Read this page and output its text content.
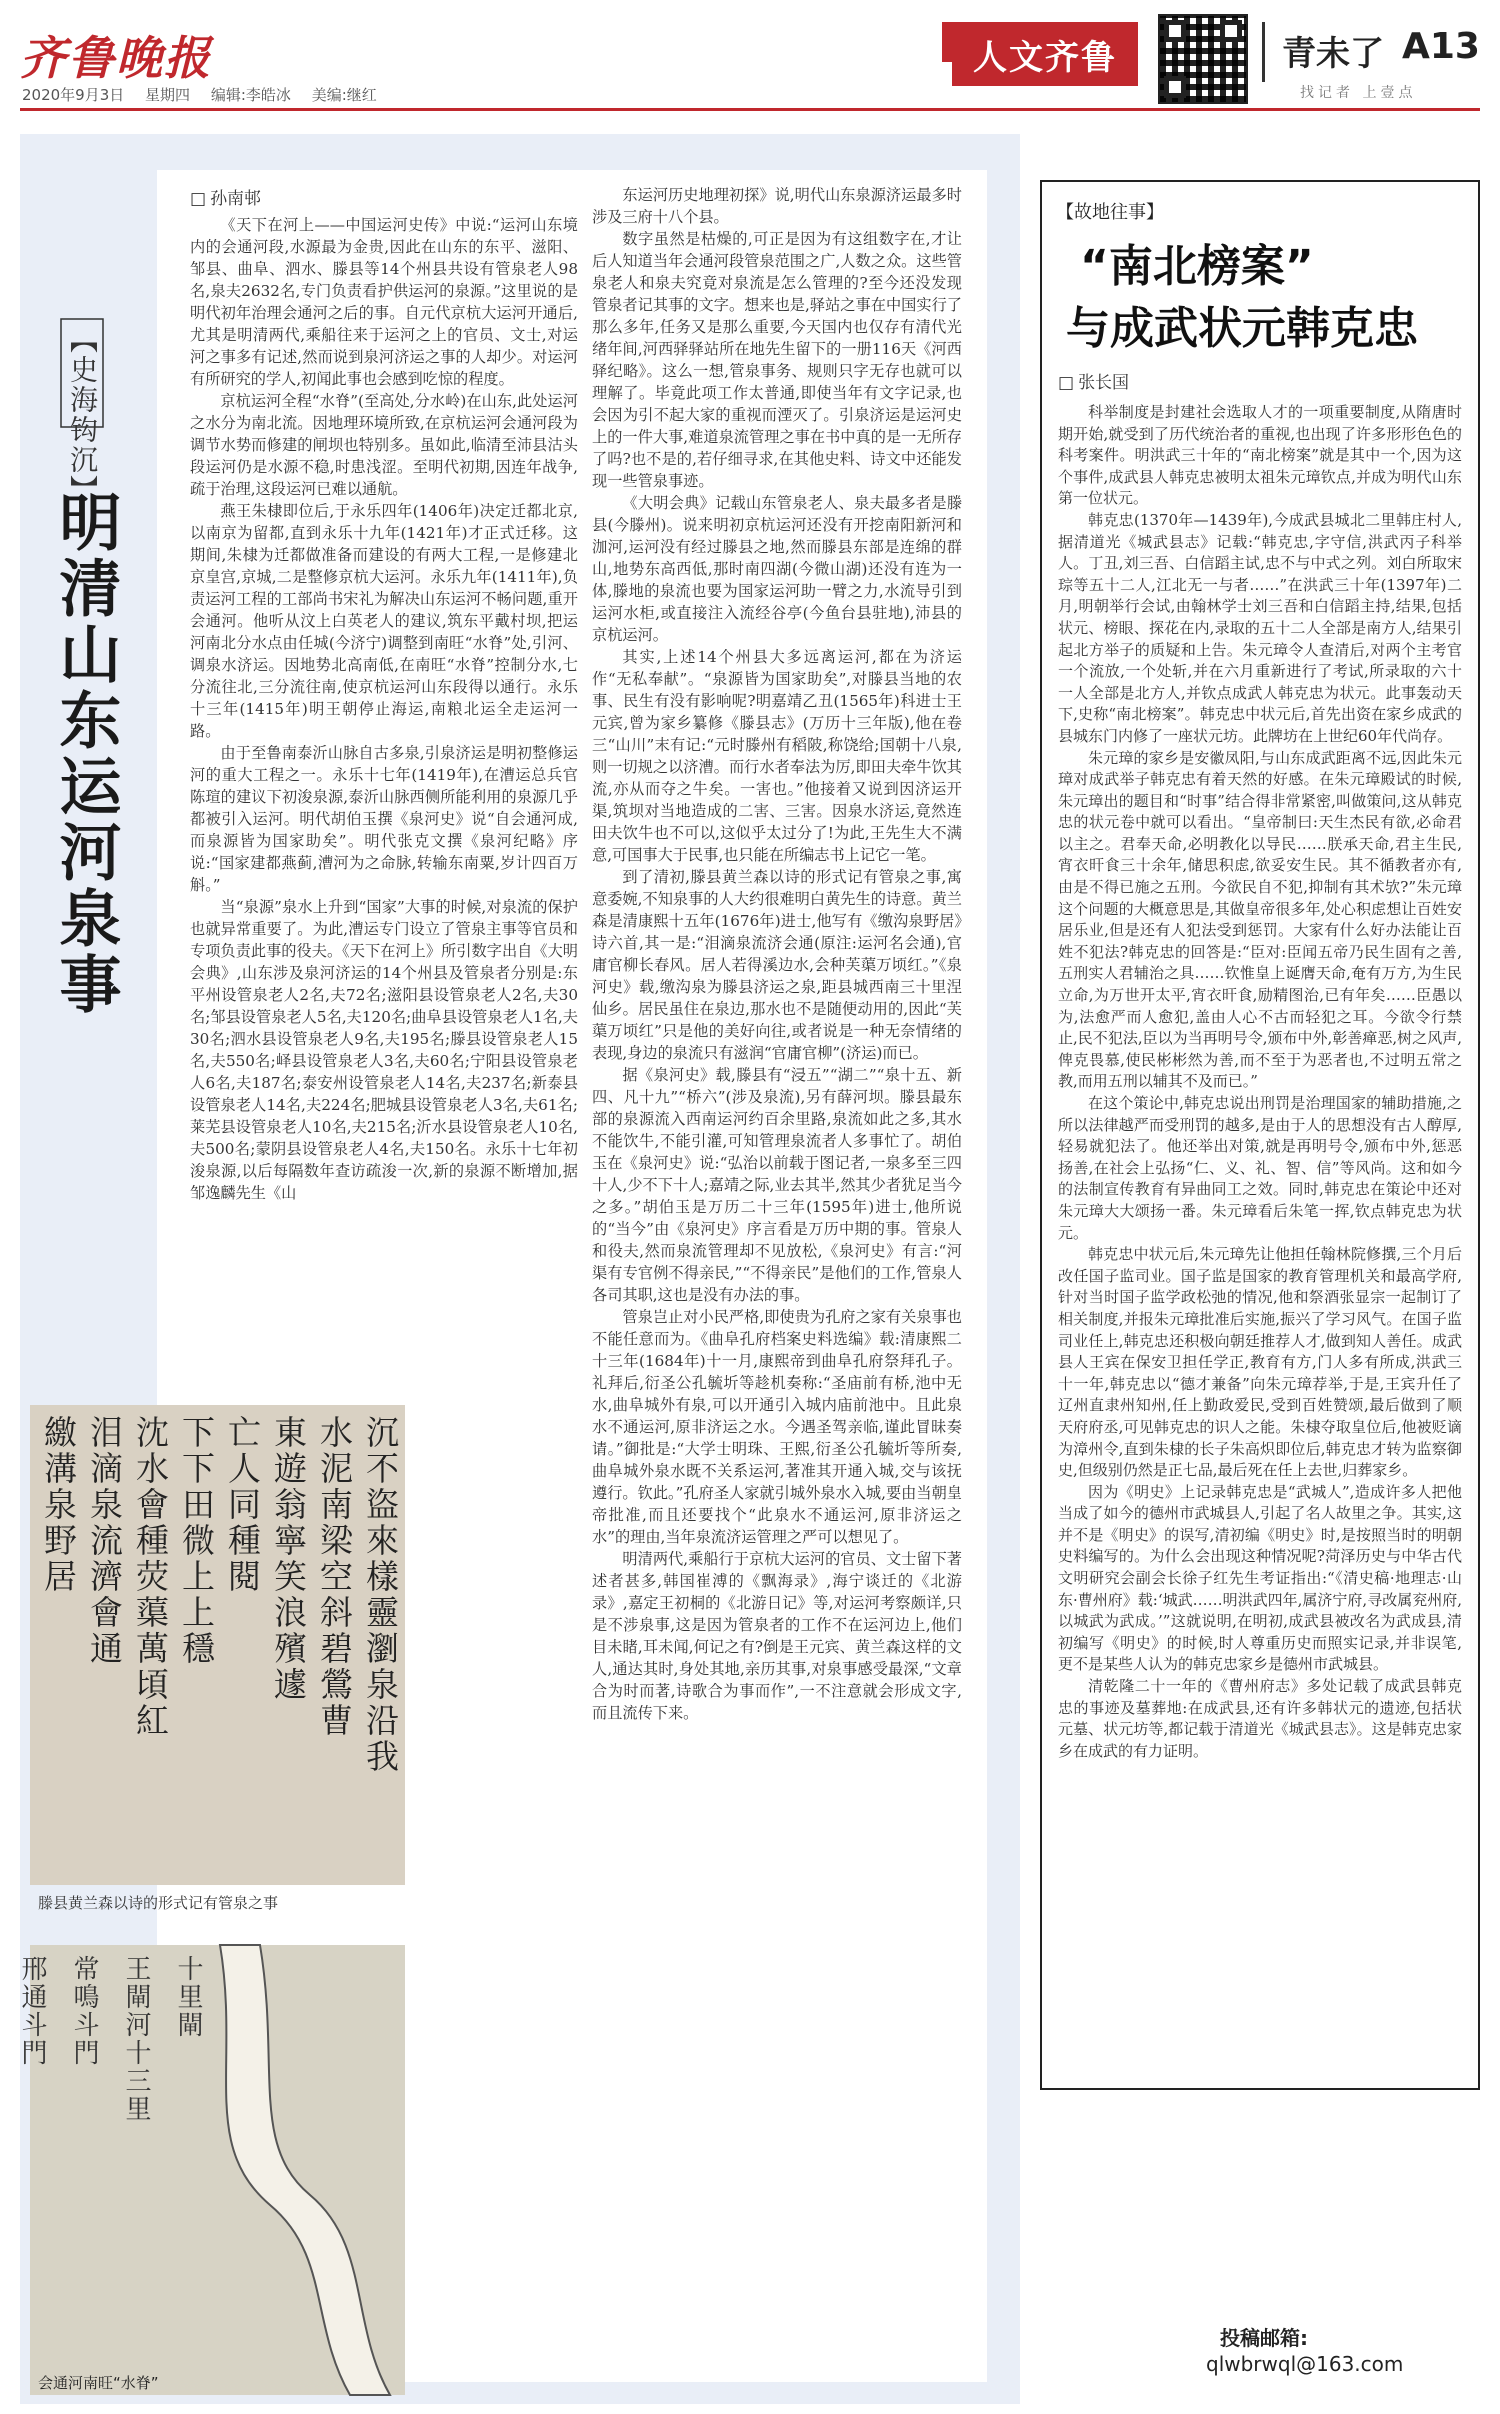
齐鲁晚报
2020年9月3日 星期四 编辑:李皓冰 美编:继红
人文齐鲁	青未了 A13
找记者 上壹点
【史海钩沉】
明清山东运河泉事
□ 孙南邨

《天下在河上——中国运河史传》中说:“运河山东境内的会通河段,水源最为金贵,因此在山东的东平、滋阳、邹县、曲阜、泗水、滕县等14个州县共设有管泉老人98名,泉夫2632名,专门负责看护供运河的泉源。”这里说的是明代初年治理会通河之后的事。自元代京杭大运河开通后,尤其是明清两代,乘船往来于运河之上的官员、文士,对运河之事多有记述,然而说到泉河济运之事的人却少。对运河有所研究的学人,初闻此事也会感到吃惊的程度。

京杭运河全程“水脊”(至高处,分水岭)在山东,此处运河之水分为南北流。因地理环境所致,在京杭运河会通河段为调节水势而修建的闸坝也特别多。虽如此,临清至沛县沽头段运河仍是水源不稳,时患浅涩。至明代初期,因连年战争,疏于治理,这段运河已难以通航。

燕王朱棣即位后,于永乐四年(1406年)决定迁都北京,以南京为留都,直到永乐十九年(1421年)才正式迁移。这期间,朱棣为迁都做准备而建设的有两大工程,一是修建北京皇宫,京城,二是整修京杭大运河。永乐九年(1411年),负责运河工程的工部尚书宋礼为解决山东运河不畅问题,重开会通河。他听从汶上白英老人的建议,筑东平戴村坝,把运河南北分水点由任城(今济宁)调整到南旺“水脊”处,引河、调泉水济运。因地势北高南低,在南旺“水脊”控制分水,七分流往北,三分流往南,使京杭运河山东段得以通行。永乐十三年(1415年)明王朝停止海运,南粮北运全走运河一路。

由于至鲁南泰沂山脉自古多泉,引泉济运是明初整修运河的重大工程之一。永乐十七年(1419年),在漕运总兵官陈瑄的建议下初浚泉源,泰沂山脉西侧所能利用的泉源几乎都被引入运河。明代胡伯玉撰《泉河史》说“自会通河成,而泉源皆为国家助矣”。明代张克文撰《泉河纪略》序说:“国家建都燕蓟,漕河为之命脉,转输东南粟,岁计四百万斛。”

当“泉源”泉水上升到“国家”大事的时候,对泉流的保护也就异常重要了。为此,漕运专门设立了管泉主事等官员和专项负责此事的役夫。《天下在河上》所引数字出自《大明会典》,山东涉及泉河济运的14个州县及管泉者分别是:东平州设管泉老人2名,夫72名;滋阳县设管泉老人2名,夫30名;邹县设管泉老人5名,夫120名;曲阜县设管泉老人1名,夫30名;泗水县设管泉老人9名,夫195名;滕县设管泉老人15名,夫550名;峄县设管泉老人3名,夫60名;宁阳县设管泉老人6名,夫187名;泰安州设管泉老人14名,夫237名;新泰县设管泉老人14名,夫224名;肥城县设管泉老人3名,夫61名;莱芜县设管泉老人10名,夫215名;沂水县设管泉老人10名,夫500名;蒙阴县设管泉老人4名,夫150名。永乐十七年初浚泉源,以后每隔数年查访疏浚一次,新的泉源不断增加,据邹逸麟先生《山

东运河历史地理初探》说,明代山东泉源济运最多时涉及三府十八个县。

数字虽然是枯燥的,可正是因为有这组数字在,才让后人知道当年会通河段管泉范围之广,人数之众。这些管泉老人和泉夫究竟对泉流是怎么管理的?至今还没发现管泉者记其事的文字。想来也是,驿站之事在中国实行了那么多年,任务又是那么重要,今天国内也仅存有清代光绪年间,河西驿驿站所在地先生留下的一册116天《河西驿纪略》。这么一想,管泉事务、规则只字无存也就可以理解了。毕竟此项工作太普通,即使当年有文字记录,也会因为引不起大家的重视而湮灭了。引泉济运是运河史上的一件大事,难道泉流管理之事在书中真的是一无所存了吗?也不是的,若仔细寻求,在其他史料、诗文中还能发现一些管泉事迹。

《大明会典》记载山东管泉老人、泉夫最多者是滕县(今滕州)。说来明初京杭运河还没有开挖南阳新河和泇河,运河没有经过滕县之地,然而滕县东部是连绵的群山,地势东高西低,那时南四湖(今微山湖)还没有连为一体,滕地的泉流也要为国家运河助一臂之力,水流导引到运河水柜,或直接注入流经谷亭(今鱼台县驻地),沛县的京杭运河。

其实,上述14个州县大多远离运河,都在为济运作“无私奉献”。“泉源皆为国家助矣”,对滕县当地的农事、民生有没有影响呢?明嘉靖乙丑(1565年)科进士王元宾,曾为家乡纂修《滕县志》(万历十三年版),他在卷三“山川”末有记:“元时滕州有稻陂,称饶给;国朝十八泉,则一切规之以济漕。而行水者奉法为厉,即田夫牵牛饮其流,亦从而夺之牛矣。一害也。”他接着又说到因济运开渠,筑坝对当地造成的二害、三害。因泉水济运,竟然连田夫饮牛也不可以,这似乎太过分了!为此,王先生大不满意,可国事大于民事,也只能在所编志书上记它一笔。

到了清初,滕县黄兰森以诗的形式记有管泉之事,寓意委婉,不知泉事的人大约很难明白黄先生的诗意。黄兰森是清康熙十五年(1676年)进士,他写有《缴沟泉野居》诗六首,其一是:“泪滴泉流济会通(原注:运河名会通),官庸官柳长春风。居人若得溪边水,会种芙蕖万顷红。”《泉河史》载,缴沟泉为滕县济运之泉,距县城西南三十里涅仙乡。居民虽住在泉边,那水也不是随便动用的,因此“芙蕖万顷红”只是他的美好向往,或者说是一种无奈情绪的表现,身边的泉流只有滋润“官庸官柳”(济运)而已。

据《泉河史》载,滕县有“浸五”“湖二”“泉十五、新四、凡十九”“桥六”(涉及泉流),另有薛河坝。滕县最东部的泉源流入西南运河约百余里路,泉流如此之多,其水不能饮牛,不能引灌,可知管理泉流者人多事忙了。胡伯玉在《泉河史》说:“弘治以前载于图记者,一泉多至三四十人,少不下十人;嘉靖之际,业去其半,然其少者犹足当今之多。”胡伯玉是万历二十三年(1595年)进士,他所说的“当今”由《泉河史》序言看是万历中期的事。管泉人和役夫,然而泉流管理却不见放松,《泉河史》有言:“河渠有专官例不得亲民,”“不得亲民”是他们的工作,管泉人各司其职,这也是没有办法的事。

管泉岂止对小民严格,即使贵为孔府之家有关泉事也不能任意而为。《曲阜孔府档案史料选编》载:清康熙二十三年(1684年)十一月,康熙帝到曲阜孔府祭拜孔子。礼拜后,衍圣公孔毓圻等趁机奏称:“圣庙前有桥,池中无水,曲阜城外有泉,可以开通引入城内庙前池中。且此泉水不通运河,原非济运之水。今遇圣驾亲临,谨此冒昧奏请。”御批是:“大学士明珠、王熙,衍圣公孔毓圻等所奏,曲阜城外泉水既不关系运河,著准其开通入城,交与该抚遵行。钦此。”孔府圣人家就引城外泉水入城,要由当朝皇帝批准,而且还要找个“此泉水不通运河,原非济运之水”的理由,当年泉流济运管理之严可以想见了。

明清两代,乘船行于京杭大运河的官员、文士留下著述者甚多,韩国崔溥的《飘海录》,海宁谈迁的《北游录》,嘉定王初桐的《北游日记》等,对运河考察颇详,只是不涉泉事,这是因为管泉者的工作不在运河边上,他们目未睹,耳未闻,何记之有?倒是王元宾、黄兰森这样的文人,通达其时,身处其地,亲历其事,对泉事感受最深,“文章合为时而著,诗歌合为事而作”,一不注意就会形成文字,而且流传下来。

沉不盜來樣靈瀏泉沿我
水泥南梁空斜碧鶯曹
東遊翁寧笑浪殯遽
亡人同種閱
下下田微上上穩
沈水會種荧蕖萬頃紅
泪滴泉流濟會通
繳溝泉野居
滕县黄兰森以诗的形式记有管泉之事
十里閘
王閘河十三里
常鳴斗門
邢通斗門
会通河南旺“水脊”
【故地往事】
“南北榜案”
与成武状元韩克忠
□ 张长国

科举制度是封建社会选取人才的一项重要制度,从隋唐时期开始,就受到了历代统治者的重视,也出现了许多形形色色的科考案件。明洪武三十年的“南北榜案”就是其中一个,因为这个事件,成武县人韩克忠被明太祖朱元璋钦点,并成为明代山东第一位状元。

韩克忠(1370年—1439年),今成武县城北二里韩庄村人,据清道光《城武县志》记载:“韩克忠,字守信,洪武丙子科举人。丁丑,刘三吾、白信蹈主试,忠不与中式之列。刘白所取宋琮等五十二人,江北无一与者……”在洪武三十年(1397年)二月,明朝举行会试,由翰林学士刘三吾和白信蹈主持,结果,包括状元、榜眼、探花在内,录取的五十二人全部是南方人,结果引起北方举子的质疑和上告。朱元璋令人查清后,对两个主考官一个流放,一个处斩,并在六月重新进行了考试,所录取的六十一人全部是北方人,并钦点成武人韩克忠为状元。此事轰动天下,史称“南北榜案”。韩克忠中状元后,首先出资在家乡成武的县城东门内修了一座状元坊。此牌坊在上世纪60年代尚存。

朱元璋的家乡是安徽凤阳,与山东成武距离不远,因此朱元璋对成武举子韩克忠有着天然的好感。在朱元璋殿试的时候,朱元璋出的题目和“时事”结合得非常紧密,叫做策问,这从韩克忠的状元卷中就可以看出。“皇帝制曰:天生杰民有欲,必命君以主之。君奉天命,必明教化以导民……朕承天命,君主生民,宵衣旰食三十余年,储思积虑,欲妥安生民。其不循教者亦有,由是不得已施之五刑。今欲民自不犯,抑制有其术欤?”朱元璋这个问题的大概意思是,其做皇帝很多年,处心积虑想让百姓安居乐业,但是还有人犯法受到惩罚。大家有什么好办法能让百姓不犯法?韩克忠的回答是:“臣对:臣闻五帝乃民生固有之善,五刑实人君辅治之具……钦惟皇上诞膺天命,奄有万方,为生民立命,为万世开太平,宵衣旰食,励精图治,已有年矣……臣愚以为,法愈严而人愈犯,盖由人心不古而轻犯之耳。今欲令行禁止,民不犯法,臣以为当再明号令,颁布中外,彰善瘅恶,树之风声,俾克畏慕,使民彬彬然为善,而不至于为恶者也,不过明五常之教,而用五刑以辅其不及而已。”

在这个策论中,韩克忠说出刑罚是治理国家的辅助措施,之所以法律越严而受刑罚的越多,是由于人的思想没有古人醇厚,轻易就犯法了。他还举出对策,就是再明号令,颁布中外,惩恶扬善,在社会上弘扬“仁、义、礼、智、信”等风尚。这和如今的法制宣传教育有异曲同工之效。同时,韩克忠在策论中还对朱元璋大大颂扬一番。朱元璋看后朱笔一挥,钦点韩克忠为状元。

韩克忠中状元后,朱元璋先让他担任翰林院修撰,三个月后改任国子监司业。国子监是国家的教育管理机关和最高学府,针对当时国子监学政松弛的情况,他和祭酒张显宗一起制订了相关制度,并报朱元璋批准后实施,振兴了学习风气。在国子监司业任上,韩克忠还积极向朝廷推荐人才,做到知人善任。成武县人王宾在保安卫担任学正,教育有方,门人多有所成,洪武三十一年,韩克忠以“德才兼备”向朱元璋荐举,于是,王宾升任了辽州直隶州知州,任上勤政爱民,受到百姓赞颂,最后做到了顺天府府丞,可见韩克忠的识人之能。朱棣夺取皇位后,他被贬谪为漳州令,直到朱棣的长子朱高炽即位后,韩克忠才转为监察御史,但级别仍然是正七品,最后死在任上去世,归葬家乡。

因为《明史》上记录韩克忠是“武城人”,造成许多人把他当成了如今的德州市武城县人,引起了名人故里之争。其实,这并不是《明史》的误写,清初编《明史》时,是按照当时的明朝史料编写的。为什么会出现这种情况呢?菏泽历史与中华古代文明研究会副会长徐子红先生考证指出:“《清史稿·地理志·山东·曹州府》载:‘城武……明洪武四年,属济宁府,寻改属兖州府,以城武为武成。’”这就说明,在明初,成武县被改名为武成县,清初编写《明史》的时候,时人尊重历史而照实记录,并非误笔,更不是某些人认为的韩克忠家乡是德州市武城县。

清乾隆二十一年的《曹州府志》多处记载了成武县韩克忠的事迹及墓葬地:在成武县,还有许多韩状元的遗迹,包括状元墓、状元坊等,都记载于清道光《城武县志》。这是韩克忠家乡在成武的有力证明。

投稿邮箱:
qlwbrwql@163.com
